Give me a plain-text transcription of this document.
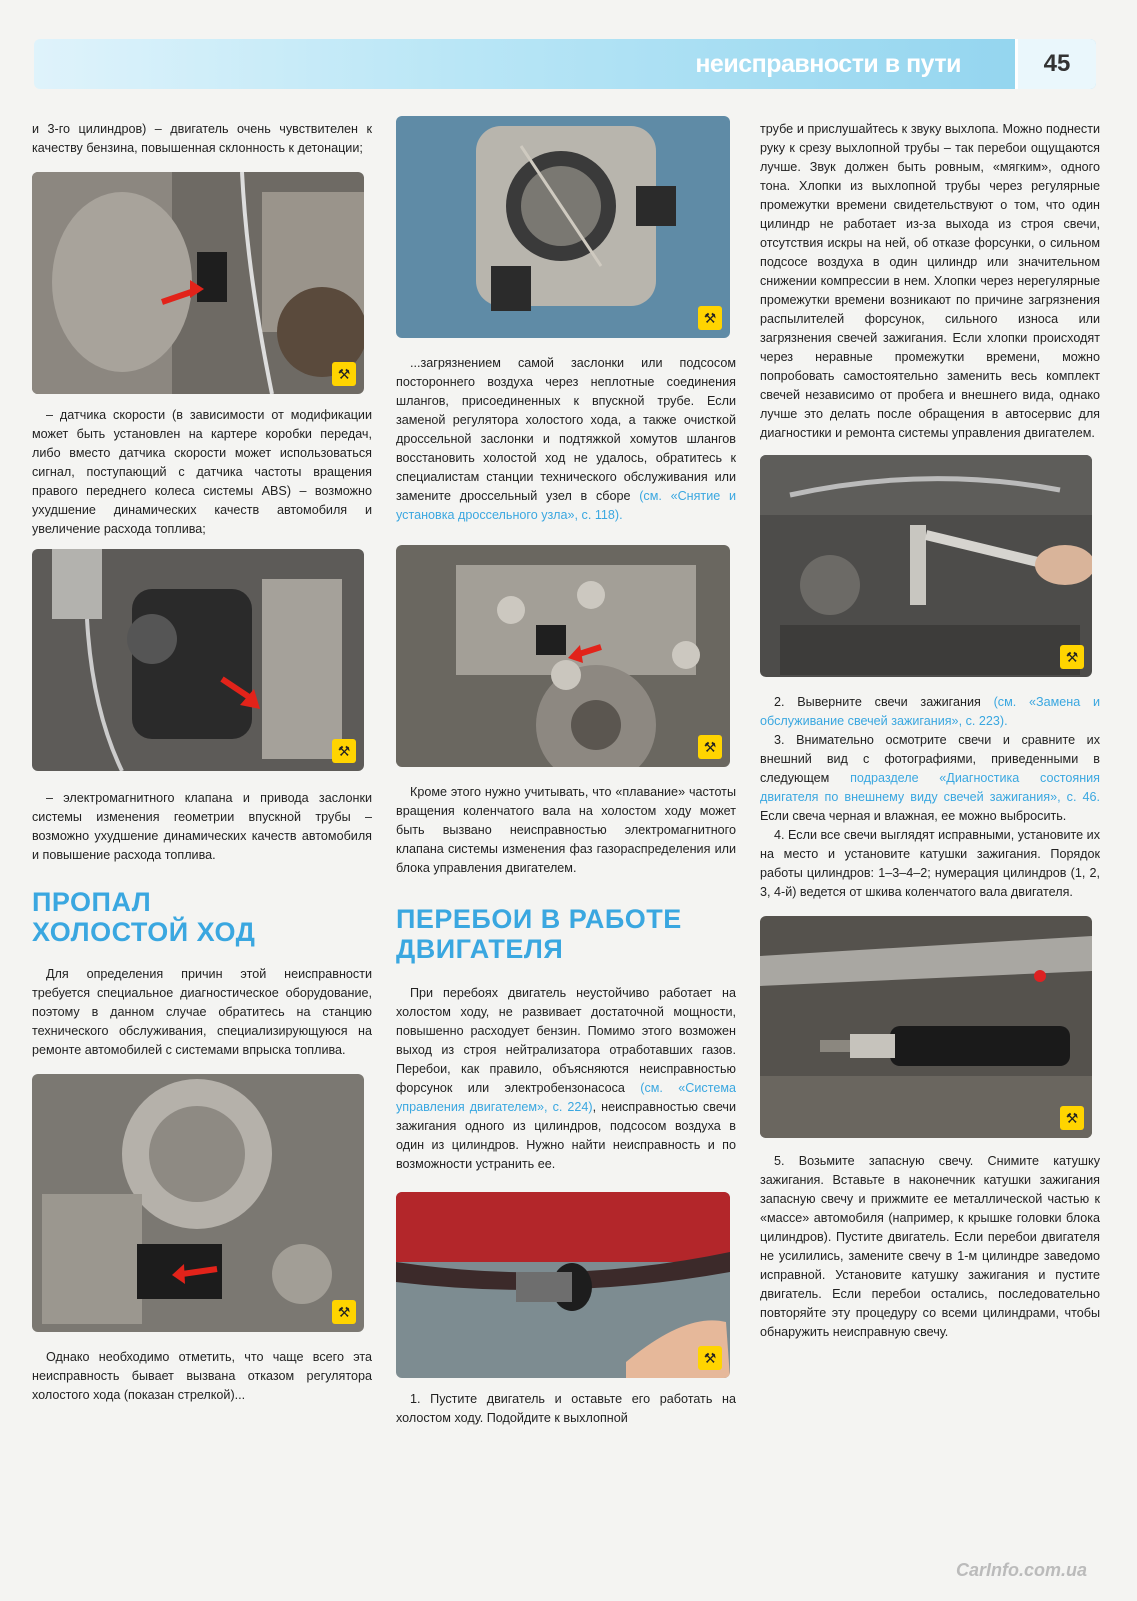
неисправности в пути	45

и 3-го цилиндров) – двигатель очень чувствителен к качеству бензина, повышенная склонность к детонации;

⚒

– датчика скорости (в зависимости от модификации может быть установлен на картере коробки передач, либо вместо датчика скорости может использоваться сигнал, поступающий с датчика частоты вращения правого переднего колеса системы ABS) – возможно ухудшение динамических качеств автомобиля и увеличение расхода топлива;

⚒

– электромагнитного клапана и привода заслонки системы изменения геометрии впускной трубы – возможно ухудшение динамических качеств автомобиля и повышение расхода топлива.

ПРОПАЛ
ХОЛОСТОЙ ХОД

Для определения причин этой неисправности требуется специальное диагностическое оборудование, поэтому в данном случае обратитесь на станцию технического обслуживания, специализирующуюся на ремонте автомобилей с системами впрыска топлива.

⚒

Однако необходимо отметить, что чаще всего эта неисправность бывает вызвана отказом регулятора холостого хода (показан стрелкой)...

⚒

...загрязнением самой заслонки или подсосом постороннего воздуха через неплотные соединения шлангов, присоединенных к впускной трубе. Если заменой регулятора холостого хода, а также очисткой дроссельной заслонки и подтяжкой хомутов шлангов восстановить холостой ход не удалось, обратитесь к специалистам станции технического обслуживания или замените дроссельный узел в сборе (см. «Снятие и установка дроссельного узла», с. 118).

⚒

Кроме этого нужно учитывать, что «плавание» частоты вращения коленчатого вала на холостом ходу может быть вызвано неисправностью электромагнитного клапана системы изменения фаз газораспределения или блока управления двигателем.

ПЕРЕБОИ В РАБОТЕ
ДВИГАТЕЛЯ

При перебоях двигатель неустойчиво работает на холостом ходу, не развивает достаточной мощности, повышенно расходует бензин. Помимо этого возможен выход из строя нейтрализатора отработавших газов. Перебои, как правило, объясняются неисправностью форсунок или электробензонасоса (см. «Система управления двигателем», с. 224), неисправностью свечи зажигания одного из цилиндров, подсосом воздуха в один из цилиндров. Нужно найти неисправность и по возможности устранить ее.

⚒

1. Пустите двигатель и оставьте его работать на холостом ходу. Подойдите к выхлопной

трубе и прислушайтесь к звуку выхлопа. Можно поднести руку к срезу выхлопной трубы – так перебои ощущаются лучше. Звук должен быть ровным, «мягким», одного тона. Хлопки из выхлопной трубы через регулярные промежутки времени свидетельствуют о том, что один цилиндр не работает из-за выхода из строя свечи, отсутствия искры на ней, об отказе форсунки, о сильном подсосе воздуха в один цилиндр или значительном снижении компрессии в нем. Хлопки через нерегулярные промежутки времени возникают по причине загрязнения распылителей форсунок, сильного износа или загрязнения свечей зажигания. Если хлопки происходят через неравные промежутки времени, можно попробовать самостоятельно заменить весь комплект свечей независимо от пробега и внешнего вида, однако лучше это делать после обращения в автосервис для диагностики и ремонта системы управления двигателем.

⚒

2. Выверните свечи зажигания (см. «Замена и обслуживание свечей зажигания», с. 223).

3. Внимательно осмотрите свечи и сравните их внешний вид с фотографиями, приведенными в следующем подразделе «Диагностика состояния двигателя по внешнему виду свечей зажигания», с. 46. Если свеча черная и влажная, ее можно выбросить.

4. Если все свечи выглядят исправными, установите их на место и установите катушки зажигания. Порядок работы цилиндров: 1–3–4–2; нумерация цилиндров (1, 2, 3, 4-й) ведется от шкива коленчатого вала двигателя.

⚒

5. Возьмите запасную свечу. Снимите катушку зажигания. Вставьте в наконечник катушки зажигания запасную свечу и прижмите ее металлической частью к «массе» автомобиля (например, к крышке головки блока цилиндров). Пустите двигатель. Если перебои двигателя не усилились, замените свечу в 1-м цилиндре заведомо исправной. Установите катушку зажигания и пустите двигатель. Если перебои остались, последовательно повторяйте эту процедуру со всеми цилиндрами, чтобы обнаружить неисправную свечу.

CarInfo.com.ua
